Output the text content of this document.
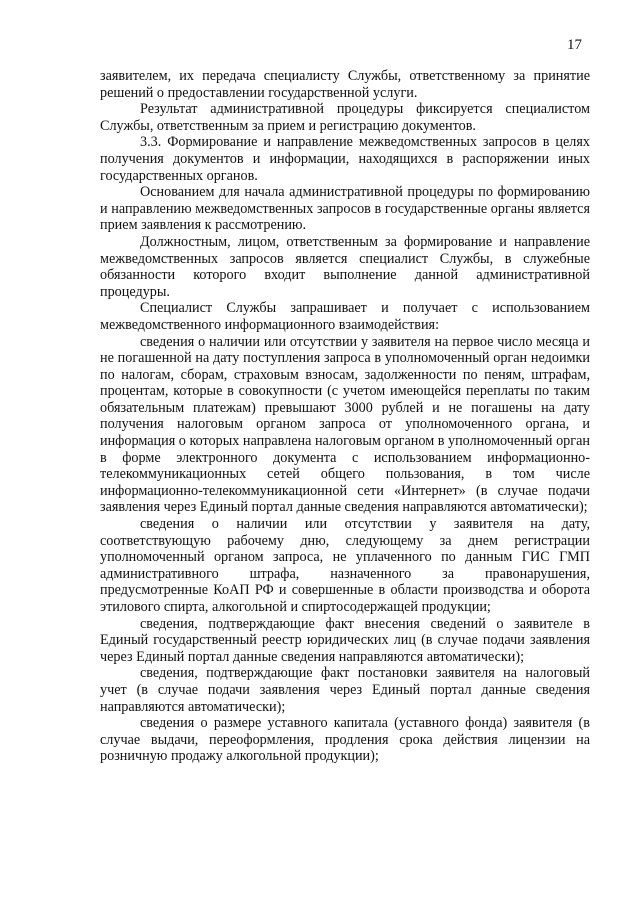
17

заявителем, их передача специалисту Службы, ответственному за принятие решений о предоставлении государственной услуги.

Результат административной процедуры фиксируется специалистом Службы, ответственным за прием и регистрацию документов.

3.3. Формирование и направление межведомственных запросов в целях получения документов и информации, находящихся в распоряжении иных государственных органов.

Основанием для начала административной процедуры по формированию и направлению межведомственных запросов в государственные органы является прием заявления к рассмотрению.

Должностным, лицом, ответственным за формирование и направление межведомственных запросов является специалист Службы, в служебные обязанности которого входит выполнение данной административной процедуры.

Специалист Службы запрашивает и получает с использованием межведомственного информационного взаимодействия:

сведения о наличии или отсутствии у заявителя на первое число месяца и не погашенной на дату поступления запроса в уполномоченный орган недоимки по налогам, сборам, страховым взносам, задолженности по пеням, штрафам, процентам, которые в совокупности (с учетом имеющейся переплаты по таким обязательным платежам) превышают 3000 рублей и не погашены на дату получения налоговым органом запроса от уполномоченного органа, и информация о которых направлена налоговым органом в уполномоченный орган в форме электронного документа с использованием информационно-телекоммуникационных сетей общего пользования, в том числе информационно-телекоммуникационной сети «Интернет» (в случае подачи заявления через Единый портал данные сведения направляются автоматически);

сведения о наличии или отсутствии у заявителя на дату, соответствующую рабочему дню, следующему за днем регистрации уполномоченный органом запроса, не уплаченного по данным ГИС ГМП административного штрафа, назначенного за правонарушения, предусмотренные КоАП РФ и совершенные в области производства и оборота этилового спирта, алкогольной и спиртосодержащей продукции;

сведения, подтверждающие факт внесения сведений о заявителе в Единый государственный реестр юридических лиц (в случае подачи заявления через Единый портал данные сведения направляются автоматически);

сведения, подтверждающие факт постановки заявителя на налоговый учет (в случае подачи заявления через Единый портал данные сведения направляются автоматически);

сведения о размере уставного капитала (уставного фонда) заявителя (в случае выдачи, переоформления, продления срока действия лицензии на розничную продажу алкогольной продукции);
